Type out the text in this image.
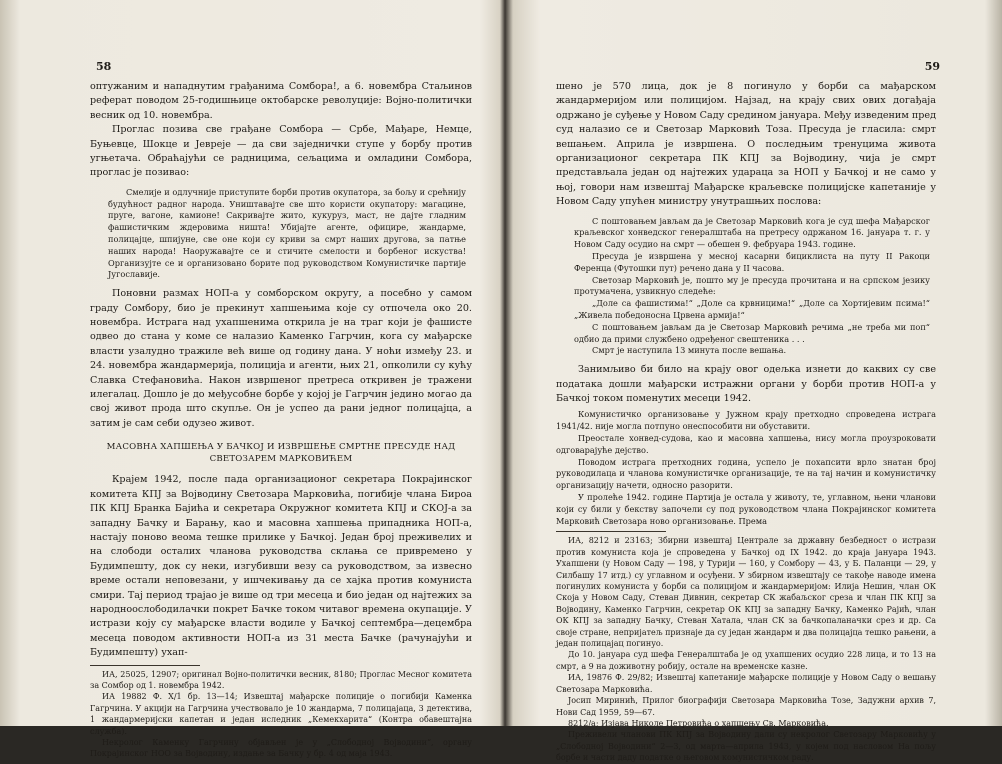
58

оптужаним и нападнутим грађанима Сомбора!, а 6. новембра Стаљинов реферат поводом 25-годишњице октобарске револуције: Војно-политички весник од 10. новембра.

Проглас позива све грађане Сомбора — Србе, Мађаре, Немце, Буњевце, Шокце и Јевреје — да сви заједнички ступе у борбу против угњетача. Обраћајући се радницима, сељацима и омладини Сомбора, проглас је позивао:

Смелије и одлучније приступите борби против окупатора, за бољу и срећнију будућност радног народа. Уништавајте све што користи окупатору: магацине, пруге, вагоне, камионе! Сакривајте жито, кукуруз, маст, не дајте гладним фашистичким ждеровима ништа! Убијајте агенте, официре, жандарме, полицајце, шпијуне, све оне који су криви за смрт наших другова, за патње наших народа! Наоружавајте се и стичите смелости и борбеног искуства! Организујте се и организовано борите под руководством Комунистичке партије Југославије.

Поновни размах НОП-а у сомборском округу, а посебно у самом граду Сомбору, био је прекинут хапшењима које су отпочела око 20. новембра. Истрага над ухапшенима открила је на траг који је фашисте одвео до стана у коме се налазио Каменко Гагрчин, кога су мађарске власти узалудно тражиле већ више од годину дана. У ноћи између 23. и 24. новембра жандармерија, полиција и агенти, њих 21, опколили су кућу Славка Стефановића. Након извршеног претреса откривен је тражени илегалац. Дошло је до међусобне борбе у којој је Гагрчин једино могао да свој живот прода што скупље. Он је успео да рани једног полицајца, а затим је сам себи одузео живот.

МАСОВНА ХАПШЕЊА У БАЧКОЈ И ИЗВРШЕЊЕ СМРТНЕ ПРЕСУДЕ НАД
СВЕТОЗАРЕМ МАРКОВИЋЕМ

Крајем 1942, после пада организационог секретара Покрајинског комитета КПЈ за Војводину Светозара Марковића, погибије члана Бироа ПК КПЈ Бранка Бајића и секретара Окружног комитета КПЈ и СКОЈ-а за западну Бачку и Барању, као и масовна хапшења припадника НОП-а, настају поново веома тешке прилике у Бачкој. Један број преживелих и на слободи осталих чланова руководства склања се привремено у Будимпешту, док су неки, изгубивши везу са руководством, за извесно време остали неповезани, у ишчекивању да се хајка против комуниста смири. Тај период трајао је више од три месеца и био један од најтежих за народноослободилачки покрет Бачке током читавог времена окупације. У истрази коју су мађарске власти водиле у Бачкој септембра—децембра месеца поводом активности НОП-а из 31 места Бачке (рачунајући и Будимпешту) ухап-

ИА, 25025, 12907; оригинал Војно-политички весник, 8180; Проглас Месног комитета за Сомбор од 1. новембра 1942.

ИА 19882 Ф. X/1 бр. 13—14; Извештај мађарске полиције о погибији Каменка Гагрчина. У акцији на Гагрчина учествовало је 10 жандарма, 7 полицајаца, 3 детектива, 1 жандармеријски капетан и један иследник „Кемекхарита“ (Контра обавештајна служба).

Некролог Каменку Гагрчину објављен је у „Слободној Војводини“, органу Покрајинског НОО за Војводину, издање за Бачку у бр. 4 од маја 1943.

59

шено је 570 лица, док је 8 погинуло у борби са мађарском жандармеријом или полицијом. Најзад, на крају свих ових догађаја одржано је суђење у Новом Саду средином јануара. Међу изведеним пред суд налазио се и Светозар Марковић Тоза. Пресуда је гласила: смрт вешањем. Априла је извршена. О последњим тренуцима живота организационог секретара ПК КПЈ за Војводину, чија је смрт представљала један од најтежих удараца за НОП у Бачкој и не само у њој, говори нам извештај Мађарске краљевске полицијске капетаније у Новом Саду упућен министру унутрашњих послова:

С поштовањем јављам да је Светозар Марковић кога је суд шефа Мађарског краљевског хонведског генералштаба на претресу одржаном 16. јануара т. г. у Новом Саду осудио на смрт — обешен 9. фебруара 1943. године.

Пресуда је извршена у месној касарни бициклиста на путу II Ракоци Ференца (Футошки пут) речено дана у II часова.

Светозар Марковић је, пошто му је пресуда прочитана и на српском језику протумачена, узвикнуо следеће:

„Доле са фашистима!“ „Доле са крвницима!“ „Доле са Хортијевим псима!“ „Живела победоносна Црвена армија!“

С поштовањем јављам да је Светозар Марковић речима „не треба ми поп“ одбио да прими службено одређеног свештеника . . .

Смрт је наступила 13 минута после вешања.

Занимљиво би било на крају овог одељка изнети до каквих су све података дошли мађарски истражни органи у борби против НОП-а у Бачкој током поменутих месеци 1942.

Комунистичко организовање у Јужном крају претходно спроведена истрага 1941/42. није могла потпуно онеспособити ни обуставити.

Преостале хонвед-судова, као и масовна хапшења, нису могла проузроковати одговарајуће дејство.

Поводом истрага претходних година, успело је похапсити врло знатан број руководилаца и чланова комунистичке организације, те на тај начин и комунистичку организацију начети, односно разорити.

У пролеће 1942. године Партија је остала у животу, те, углавном, њени чланови који су били у бекству започели су под руководством чланa Покрајинског комитета Марковић Светозара ново организовање. Према

ИА, 8212 и 23163; Збирни извештај Централе за државну безбедност о истрази против комуниста која је спроведена у Бачкој од IX 1942. до краја јануара 1943. Ухапшени (у Новом Саду — 198, у Турији — 160, у Сомбору — 43, у Б. Паланци — 29, у Силбашу 17 итд.) су углавном и осуђени. У збирном извештају се такође наводе имена погинулих комуниста у борби са полицијом и жандармеријом: Илија Нешин, члан ОК Скоја у Новом Саду, Стеван Дивнин, секретар СК жабаљског среза и члан ПК КПЈ за Војводину, Каменко Гагрчин, секретар ОК КПЈ за западну Бачку, Каменко Рајић, члан ОК КПЈ за западну Бачку, Стеван Хатала, члан СК за бачкопаланачки срез и др. Са своје стране, непријатељ признаје да су један жандарм и два полицајца тешко рањени, а један полицајац погинуо.

До 10. јануара суд шефа Генералштаба је од ухапшених осудио 228 лица, и то 13 на смрт, а 9 на доживотну робију, остале на временске казне.

ИА, 19876 Ф. 29/82; Извештај капетаније мађарске полиције у Новом Саду о вешању Светозара Марковића.

Јосип Миринић, Прилог биографији Светозара Марковића Тозе, Задужни архив 7, Нови Сад 1959, 59—67.

8212/а; Изјава Николе Петровића о хапшењу Св. Марковића.

Преживели чланови ПК КПЈ за Војводину дали су некролог Светозару Марковићу у „Слободној Војводини“ 2—3, од марта—априла 1943, у којем под насловом На пољу борбе и части даду податке о његовом комунистичком раду.
